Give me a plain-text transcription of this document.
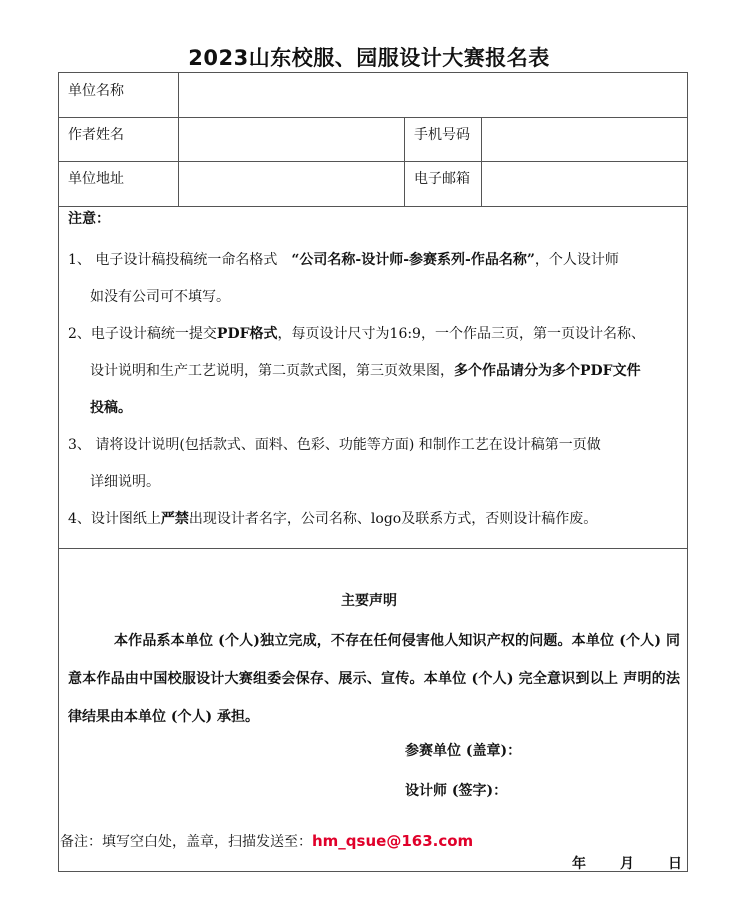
2023山东校服、园服设计大赛报名表
单位名称
作者姓名	手机号码
单位地址	电子邮箱
注意：
1、 电子设计稿投稿统一命名格式　“公司名称-设计师-参赛系列-作品名称”，个人设计师
如没有公司可不填写。
2、电子设计稿统一提交PDF格式，每页设计尺寸为16:9，一个作品三页，第一页设计名称、
设计说明和生产工艺说明，第二页款式图，第三页效果图，多个作品请分为多个PDF文件
投稿。
3、 请将设计说明(包括款式、面料、色彩、功能等方面) 和制作工艺在设计稿第一页做
详细说明。
4、设计图纸上严禁出现设计者名字，公司名称、logo及联系方式，否则设计稿作废。
主要声明
本作品系本单位 (个人)独立完成，不存在任何侵害他人知识产权的问题。本单位 (个人) 同意本作品由中国校服设计大赛组委会保存、展示、宣传。本单位 (个人) 完全意识到以上 声明的法律结果由本单位 (个人) 承担。
参赛单位 (盖章)：
设计师 (签字)：
备注：填写空白处，盖章，扫描发送至：hm_qsue@163.com
年 月 日
